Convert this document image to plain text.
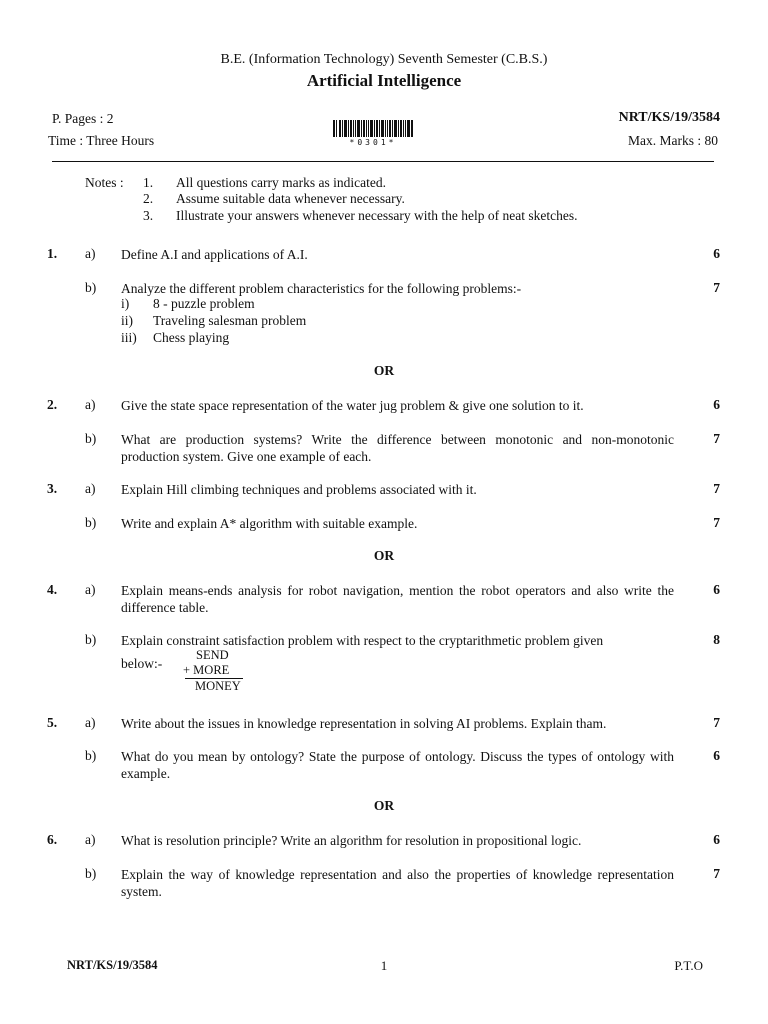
B.E. (Information Technology) Seventh Semester (C.B.S.)
Artificial Intelligence
P. Pages : 2	NRT/KS/19/3584
Time : Three Hours	Max. Marks : 80
*0301*
Notes : 1. All questions carry marks as indicated.
2. Assume suitable data whenever necessary.
3. Illustrate your answers whenever necessary with the help of neat sketches.
1. a) Define A.I and applications of A.I.	6
b) Analyze the different problem characteristics for the following problems:-	7
i) 8 - puzzle problem
ii) Traveling salesman problem
iii) Chess playing
OR
2. a) Give the state space representation of the water jug problem & give one solution to it.	6
b) What are production systems? Write the difference between monotonic and non-monotonic production system. Give one example of each.
7
3. a) Explain Hill climbing techniques and problems associated with it.	7
b) Write and explain A* algorithm with suitable example.	7
OR
4. a) Explain means-ends analysis for robot navigation, mention the robot operators and also write the difference table.
6
b) Explain constraint satisfaction problem with respect to the cryptarithmetic problem given	8
below:-
SEND
+ MORE
MONEY
5. a) Write about the issues in knowledge representation in solving AI problems. Explain tham.	7
b) What do you mean by ontology? State the purpose of ontology. Discuss the types of ontology with example.
6
OR
6. a) What is resolution principle? Write an algorithm for resolution in propositional logic.	6
b) Explain the way of knowledge representation and also the properties of knowledge representation system.
7
NRT/KS/19/3584	1	P.T.O
